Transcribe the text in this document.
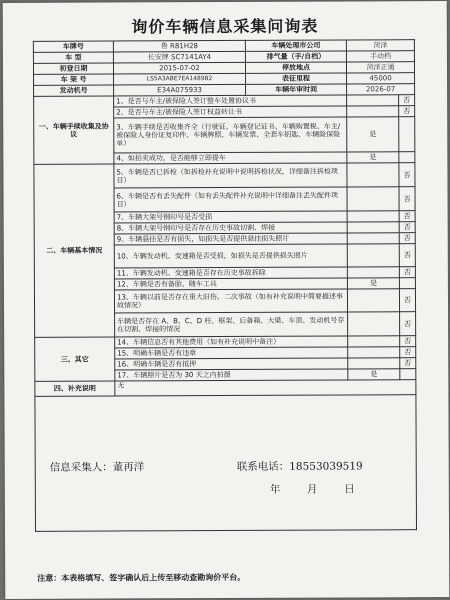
询价车辆信息采集问询表
车牌号	鲁 R81H28	车辆处理市公司	菏泽	
车 型	长安牌 SC7141AY4	排气量（手/自档）	手动档	
初登日期	2015-07-02	停放地点	菏泽正通	
车 架 号	LS5A3ABE7EA148982	表征里程	45000	
发动机号	E34A075933	车辆年审时间	2026-07	
一、车辆手续收集及协议	1、是否与车主/被保险人签订整车处置协议书			否
	2、是否与车主/被保险人签订权益转让书			否
	3、车辆手续是否收集齐全（行驶证、车辆登记证书、车辆购置税、车主/被保险人身份证复印件、车辆牌照、车辆发票、全套车钥匙、车辆险保险单）		是	
	4、如拍卖成功，是否能够立即提车		是	
二、车辆基本情况	5、车辆是否已拆检（如拆检补充说明中说明拆检状况，详细备注拆检项目）			否
	6、车辆是否有丢失配件（如有丢失配件补充说明中详细备注丢失配件项目）			否
	7、车辆大架号钢印号是否受损			否
	8、车辆大架号钢印号是否存在历史事故切割、焊接			否
	9、车辆悬挂是否有损失，如损失是否提供悬挂损失照片			否
	10、车辆发动机、变速箱是否受损，如损失是否提供损失照片			否
	11、车辆发动机、变速箱是否存在历史事故拆除			否
	12、车辆是否有备胎、随车工具		是	
	13、车辆以前是否存在重大旧伤、二次事故（如有补充说明中简要描述事故情况）			否
	车辆是否存在 A、B、C、D 柱、框架、后备箱、大梁、车顶、发动机号存在切割、焊接的情况			否
三、其它	14、车辆信息否有其他费用（如有补充说明中备注）			否
	15、明确车辆是否有违章			否
	16、明确车辆是否有抵押			否
	17、车辆照片是否为 30 天之内拍摄		是	
四、补充说明	无			

信息采集人：董再洋	联系电话：18553039519
年	月	日
注意：本表格填写、签字确认后上传至移动查勘询价平台。
